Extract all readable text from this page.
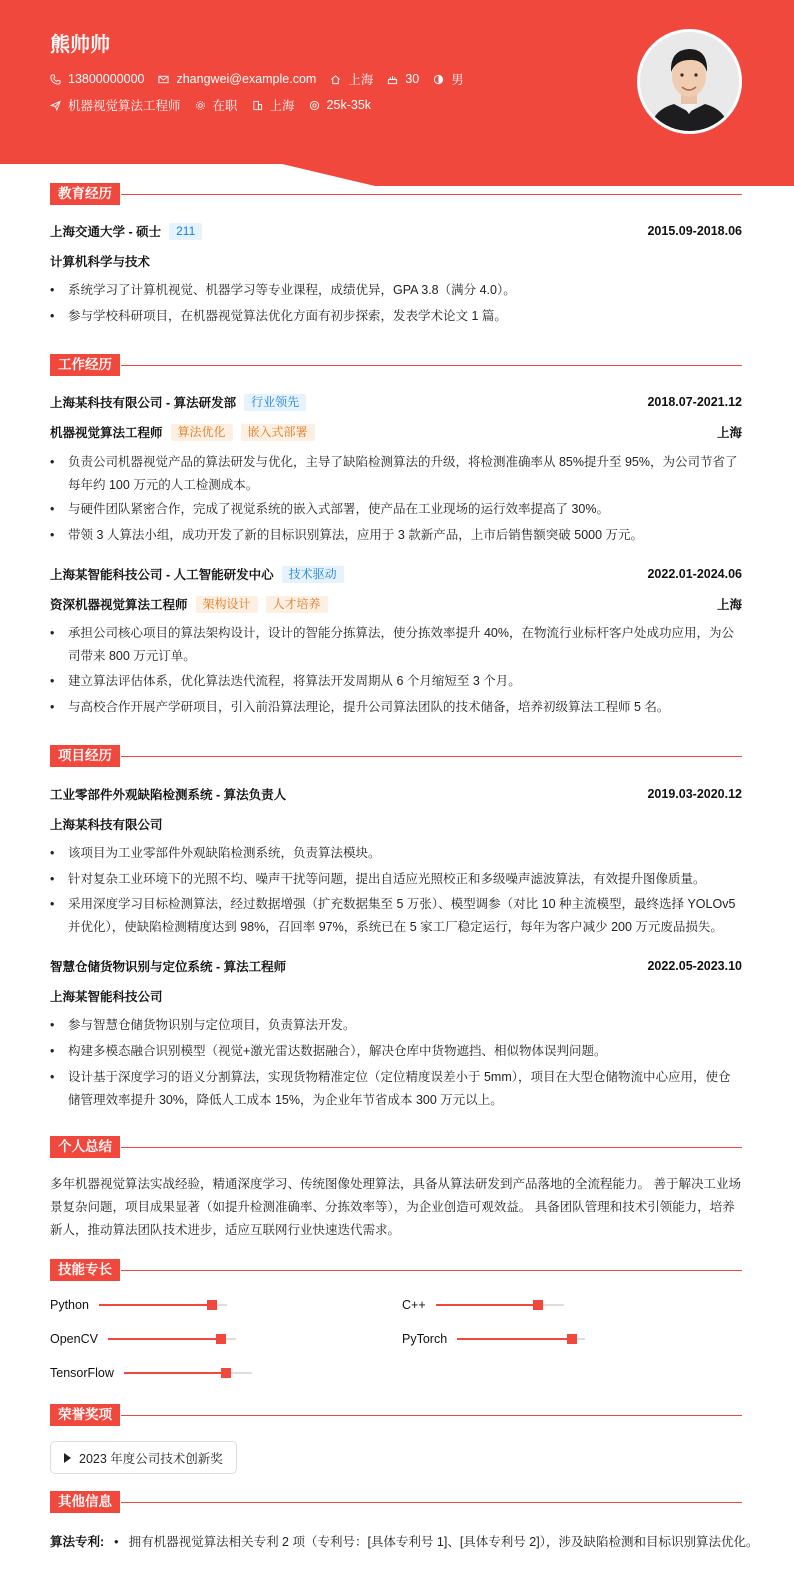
熊帅帅
13800000000	zhangwei@example.com	上海	30	男
机器视觉算法工程师	在职	上海	25k-35k
教育经历
上海交通大学 - 硕士	211	2015.09-2018.06
计算机科学与技术
• 系统学习了计算机视觉、机器学习等专业课程，成绩优异，GPA 3.8（满分 4.0）。
• 参与学校科研项目，在机器视觉算法优化方面有初步探索，发表学术论文 1 篇。
工作经历
上海某科技有限公司 - 算法研发部	行业领先	2018.07-2021.12
机器视觉算法工程师	算法优化	嵌入式部署	上海
• 负责公司机器视觉产品的算法研发与优化，主导了缺陷检测算法的升级，将检测准确率从 85%提升至 95%，为公司节省了每年约 100 万元的人工检测成本。
• 与硬件团队紧密合作，完成了视觉系统的嵌入式部署，使产品在工业现场的运行效率提高了 30%。
• 带领 3 人算法小组，成功开发了新的目标识别算法，应用于 3 款新产品，上市后销售额突破 5000 万元。
上海某智能科技公司 - 人工智能研发中心	技术驱动	2022.01-2024.06
资深机器视觉算法工程师	架构设计	人才培养	上海
• 承担公司核心项目的算法架构设计，设计的智能分拣算法，使分拣效率提升 40%，在物流行业标杆客户处成功应用，为公司带来 800 万元订单。
• 建立算法评估体系，优化算法迭代流程，将算法开发周期从 6 个月缩短至 3 个月。
• 与高校合作开展产学研项目，引入前沿算法理论，提升公司算法团队的技术储备，培养初级算法工程师 5 名。
项目经历
工业零部件外观缺陷检测系统 - 算法负责人	2019.03-2020.12
上海某科技有限公司
• 该项目为工业零部件外观缺陷检测系统，负责算法模块。
• 针对复杂工业环境下的光照不均、噪声干扰等问题，提出自适应光照校正和多级噪声滤波算法，有效提升图像质量。
• 采用深度学习目标检测算法，经过数据增强（扩充数据集至 5 万张）、模型调参（对比 10 种主流模型，最终选择 YOLOv5 并优化），使缺陷检测精度达到 98%，召回率 97%，系统已在 5 家工厂稳定运行，每年为客户减少 200 万元废品损失。
智慧仓储货物识别与定位系统 - 算法工程师	2022.05-2023.10
上海某智能科技公司
• 参与智慧仓储货物识别与定位项目，负责算法开发。
• 构建多模态融合识别模型（视觉+激光雷达数据融合），解决仓库中货物遮挡、相似物体误判问题。
• 设计基于深度学习的语义分割算法，实现货物精准定位（定位精度误差小于 5mm），项目在大型仓储物流中心应用，使仓储管理效率提升 30%，降低人工成本 15%，为企业年节省成本 300 万元以上。
个人总结
多年机器视觉算法实战经验，精通深度学习、传统图像处理算法，具备从算法研发到产品落地的全流程能力。 善于解决工业场景复杂问题，项目成果显著（如提升检测准确率、分拣效率等），为企业创造可观效益。 具备团队管理和技术引领能力，培养新人，推动算法团队技术进步，适应互联网行业快速迭代需求。
技能专长
Python	C++
OpenCV	PyTorch
TensorFlow
荣誉奖项
2023 年度公司技术创新奖
其他信息
算法专利: • 拥有机器视觉算法相关专利 2 项（专利号：[具体专利号 1]、[具体专利号 2]），涉及缺陷检测和目标识别算法优化。
